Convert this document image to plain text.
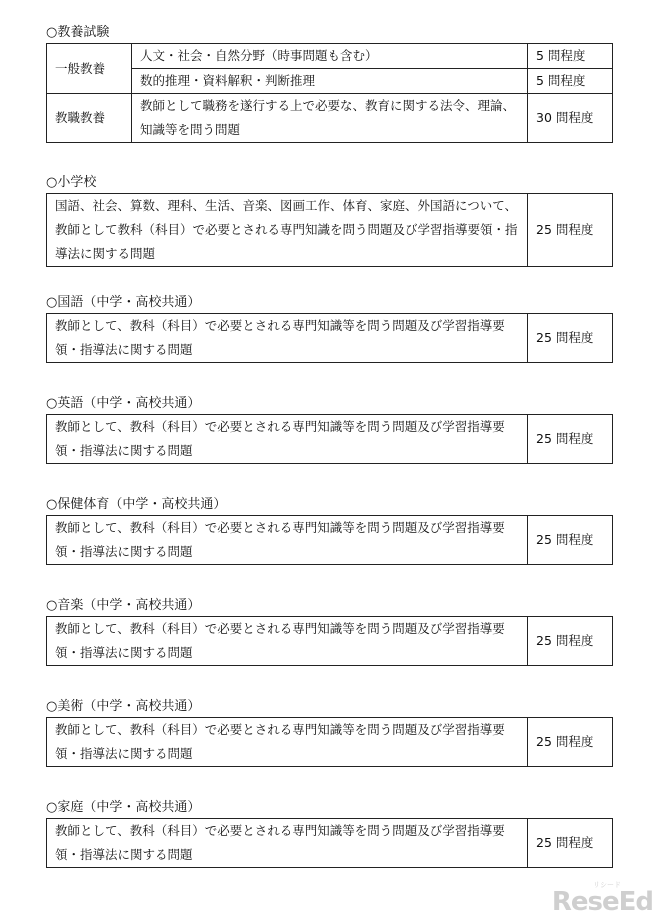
○教養試験
一般教養	人文・社会・自然分野（時事問題も含む）	5 問程度
	数的推理・資料解釈・判断推理	5 問程度
教職教養	教師として職務を遂行する上で必要な、教育に関する法令、理論、知識等を問う問題	30 問程度
○小学校
国語、社会、算数、理科、生活、音楽、図画工作、体育、家庭、外国語について、教師として教科（科目）で必要とされる専門知識を問う問題及び学習指導要領・指導法に関する問題	25 問程度
○国語（中学・高校共通）
教師として、教科（科目）で必要とされる専門知識等を問う問題及び学習指導要領・指導法に関する問題	25 問程度
○英語（中学・高校共通）
教師として、教科（科目）で必要とされる専門知識等を問う問題及び学習指導要領・指導法に関する問題	25 問程度
○保健体育（中学・高校共通）
教師として、教科（科目）で必要とされる専門知識等を問う問題及び学習指導要領・指導法に関する問題	25 問程度
○音楽（中学・高校共通）
教師として、教科（科目）で必要とされる専門知識等を問う問題及び学習指導要領・指導法に関する問題	25 問程度
○美術（中学・高校共通）
教師として、教科（科目）で必要とされる専門知識等を問う問題及び学習指導要領・指導法に関する問題	25 問程度
○家庭（中学・高校共通）
教師として、教科（科目）で必要とされる専門知識等を問う問題及び学習指導要領・指導法に関する問題	25 問程度
リシード
ReseEd
